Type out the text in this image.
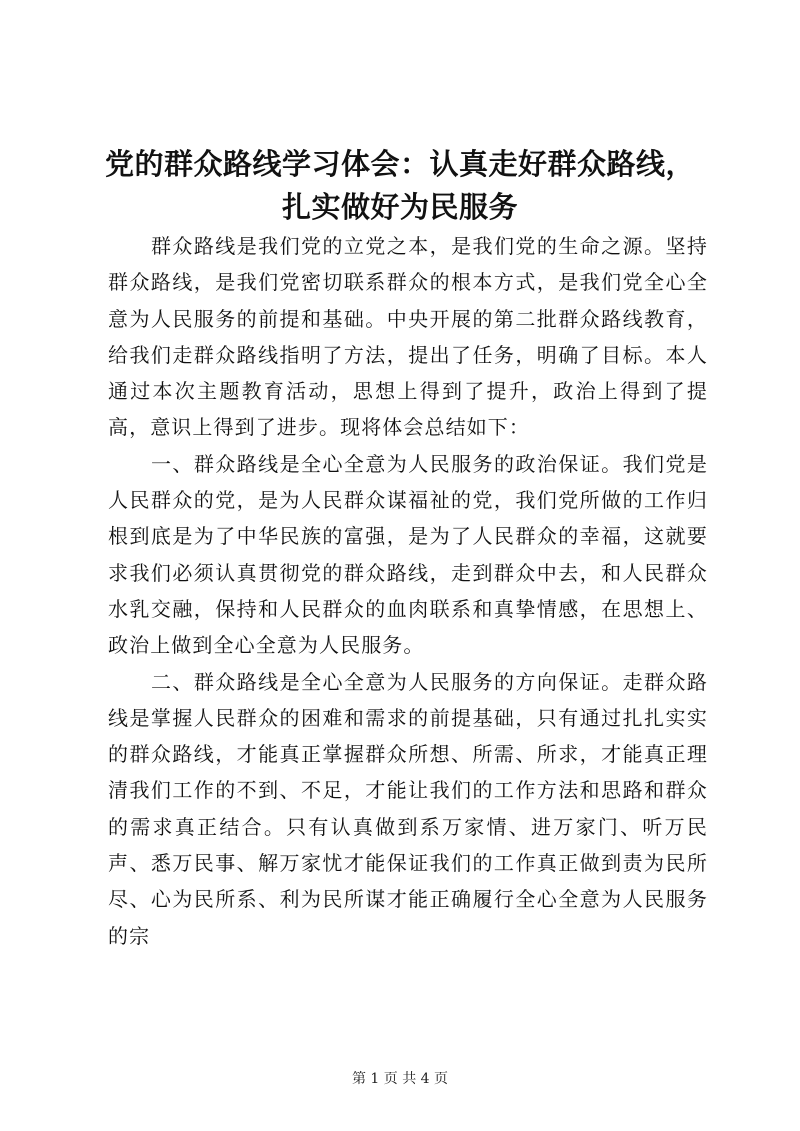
党的群众路线学习体会：认真走好群众路线，
扎实做好为民服务

群众路线是我们党的立党之本，是我们党的生命之源。坚持群众路线，是我们党密切联系群众的根本方式，是我们党全心全意为人民服务的前提和基础。中央开展的第二批群众路线教育，给我们走群众路线指明了方法，提出了任务，明确了目标。本人通过本次主题教育活动，思想上得到了提升，政治上得到了提高，意识上得到了进步。现将体会总结如下：

一、群众路线是全心全意为人民服务的政治保证。我们党是人民群众的党，是为人民群众谋福祉的党，我们党所做的工作归根到底是为了中华民族的富强，是为了人民群众的幸福，这就要求我们必须认真贯彻党的群众路线，走到群众中去，和人民群众水乳交融，保持和人民群众的血肉联系和真挚情感，在思想上、政治上做到全心全意为人民服务。

二、群众路线是全心全意为人民服务的方向保证。走群众路线是掌握人民群众的困难和需求的前提基础，只有通过扎扎实实的群众路线，才能真正掌握群众所想、所需、所求，才能真正理清我们工作的不到、不足，才能让我们的工作方法和思路和群众的需求真正结合。只有认真做到系万家情、进万家门、听万民声、悉万民事、解万家忧才能保证我们的工作真正做到责为民所尽、心为民所系、利为民所谋才能正确履行全心全意为人民服务的宗

第 1 页 共 4 页
